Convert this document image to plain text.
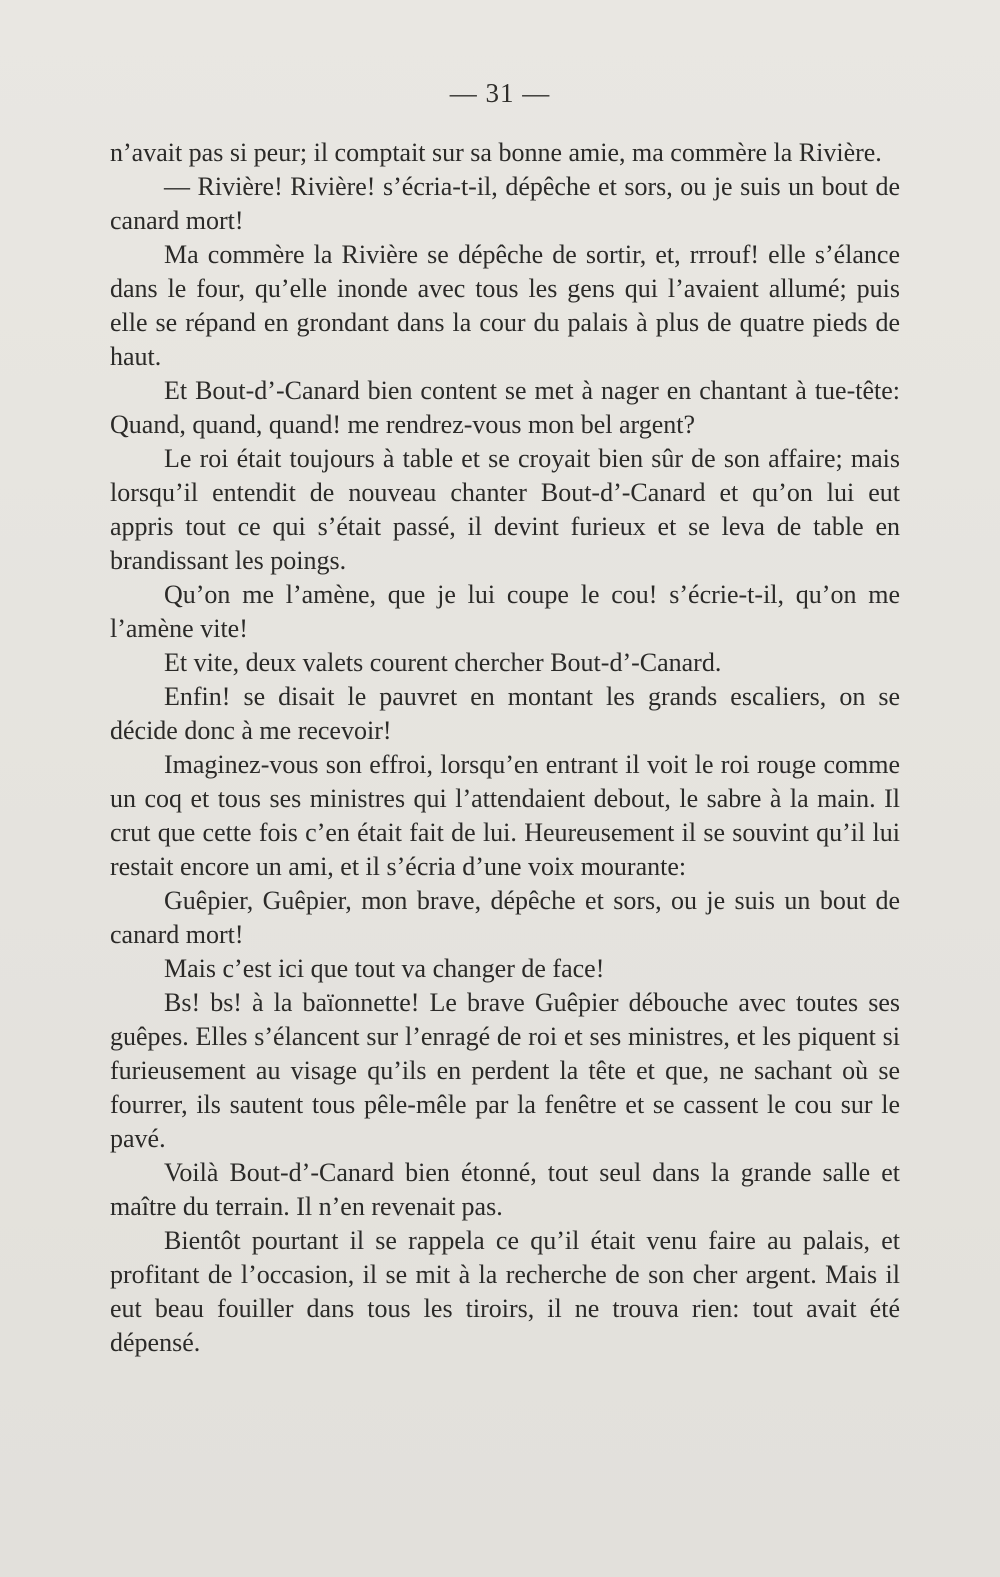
— 31 —

n’avait pas si peur; il comptait sur sa bonne amie, ma commère la Rivière.

— Rivière! Rivière! s’écria-t-il, dépêche et sors, ou je suis un bout de canard mort!

Ma commère la Rivière se dépêche de sortir, et, rrrouf! elle s’élance dans le four, qu’elle inonde avec tous les gens qui l’avaient allumé; puis elle se répand en grondant dans la cour du palais à plus de quatre pieds de haut.

Et Bout-d’-Canard bien content se met à nager en chantant à tue-tête: Quand, quand, quand! me rendrez-vous mon bel argent?

Le roi était toujours à table et se croyait bien sûr de son affaire; mais lorsqu’il entendit de nouveau chanter Bout-d’-Canard et qu’on lui eut appris tout ce qui s’était passé, il devint furieux et se leva de table en brandissant les poings.

Qu’on me l’amène, que je lui coupe le cou! s’écrie-t-il, qu’on me l’amène vite!

Et vite, deux valets courent chercher Bout-d’-Canard.

Enfin! se disait le pauvret en montant les grands escaliers, on se décide donc à me recevoir!

Imaginez-vous son effroi, lorsqu’en entrant il voit le roi rouge comme un coq et tous ses ministres qui l’attendaient debout, le sabre à la main. Il crut que cette fois c’en était fait de lui. Heureusement il se souvint qu’il lui restait encore un ami, et il s’écria d’une voix mourante:

Guêpier, Guêpier, mon brave, dépêche et sors, ou je suis un bout de canard mort!

Mais c’est ici que tout va changer de face!

Bs! bs! à la baïonnette! Le brave Guêpier débouche avec toutes ses guêpes. Elles s’élancent sur l’enragé de roi et ses ministres, et les piquent si furieusement au visage qu’ils en perdent la tête et que, ne sachant où se fourrer, ils sautent tous pêle-mêle par la fenêtre et se cassent le cou sur le pavé.

Voilà Bout-d’-Canard bien étonné, tout seul dans la grande salle et maître du terrain. Il n’en revenait pas.

Bientôt pourtant il se rappela ce qu’il était venu faire au palais, et profitant de l’occasion, il se mit à la recherche de son cher argent. Mais il eut beau fouiller dans tous les tiroirs, il ne trouva rien: tout avait été dépensé.
